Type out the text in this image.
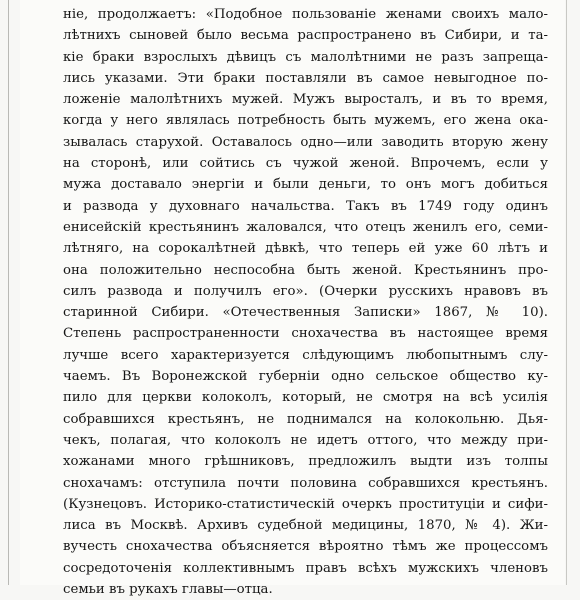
ніе, продолжаетъ: «Подобное пользованіе женами своихъ мало-
лѣтнихъ сыновей было весьма распространено въ Сибири, и та-
кіе браки взрослыхъ дѣвицъ съ малолѣтними не разъ запреща-
лись указами. Эти браки поставляли въ самое невыгодное по-
ложеніе малолѣтнихъ мужей. Мужъ выросталъ, и въ то время,
когда у него являлась потребность быть мужемъ, его жена ока-
зывалась старухой. Оставалось одно—или заводить вторую жену
на сторонѣ, или сойтись съ чужой женой. Впрочемъ, если у
мужа доставало энергіи и были деньги, то онъ могъ добиться
и развода у духовнаго начальства. Такъ въ 1749 году одинъ
енисейскій крестьянинъ жаловался, что отецъ женилъ его, семи-
лѣтняго, на сорокалѣтней дѣвкѣ, что теперь ей уже 60 лѣтъ и
она положительно неспособна быть женой. Крестьянинъ про-
силъ развода и получилъ его». (Очерки русскихъ нравовъ въ
старинной Сибири. «Отечественныя Записки» 1867, № 10).
Степень распространенности снохачества въ настоящее время
лучше всего характеризуется слѣдующимъ любопытнымъ слу-
чаемъ. Въ Воронежской губерніи одно сельское общество ку-
пило для церкви колоколъ, который, не смотря на всѣ усилія
собравшихся крестьянъ, не поднимался на колокольню. Дья-
чекъ, полагая, что колоколъ не идетъ оттого, что между при-
хожанами много грѣшниковъ, предложилъ выдти изъ толпы
снохачамъ: отступила почти половина собравшихся крестьянъ.
(Кузнецовъ. Историко-статистическій очеркъ проституціи и сифи-
лиса въ Москвѣ. Архивъ судебной медицины, 1870, № 4). Жи-
вучесть снохачества объясняется вѣроятно тѣмъ же процессомъ
сосредоточенія коллективнымъ правъ всѣхъ мужскихъ членовъ
семьи въ рукахъ главы—отца.
